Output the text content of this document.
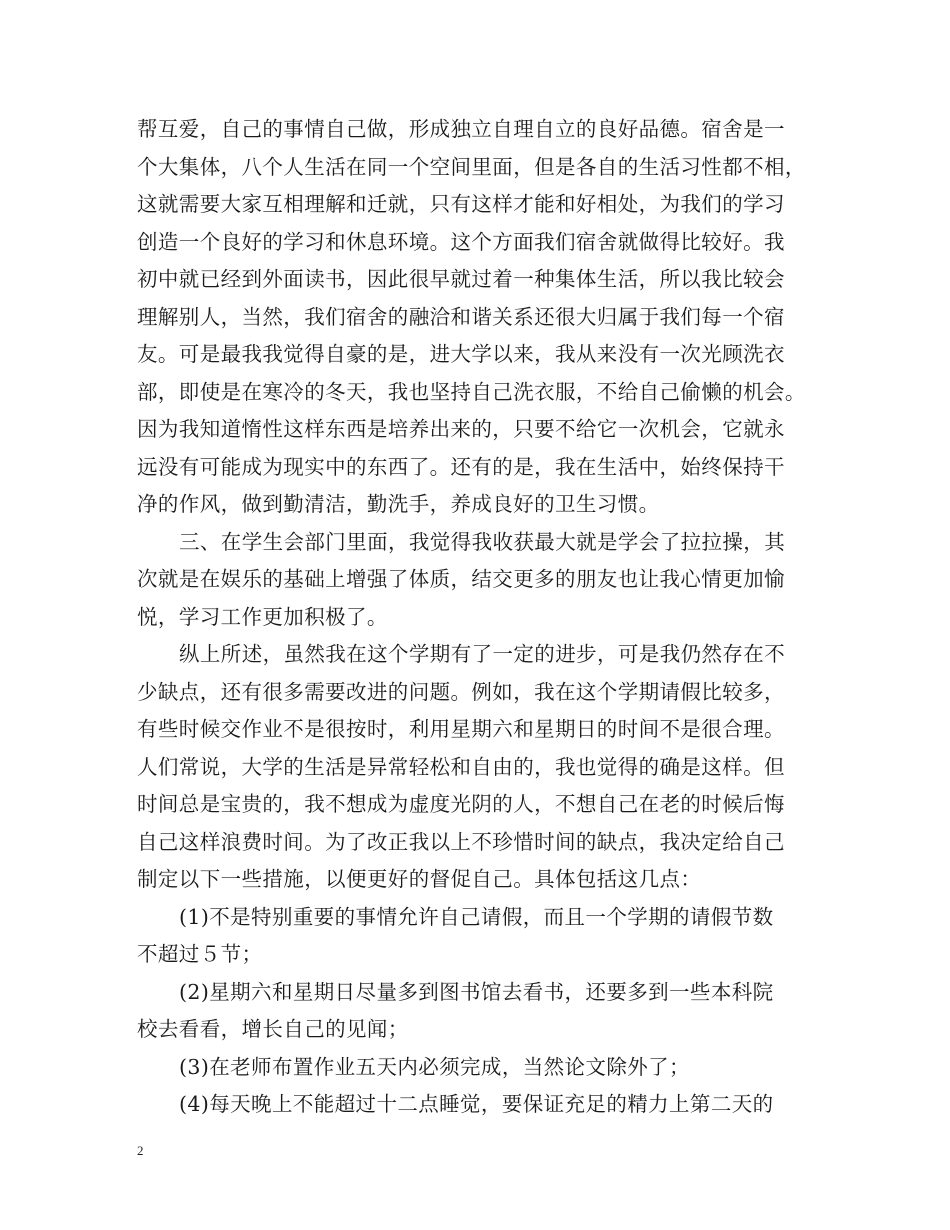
帮互爱，自己的事情自己做，形成独立自理自立的良好品德。宿舍是一
个大集体，八个人生活在同一个空间里面，但是各自的生活习性都不相，
这就需要大家互相理解和迁就，只有这样才能和好相处，为我们的学习
创造一个良好的学习和休息环境。这个方面我们宿舍就做得比较好。我
初中就已经到外面读书，因此很早就过着一种集体生活，所以我比较会
理解别人，当然，我们宿舍的融洽和谐关系还很大归属于我们每一个宿
友。可是最我我觉得自豪的是，进大学以来，我从来没有一次光顾洗衣
部，即使是在寒冷的冬天，我也坚持自己洗衣服，不给自己偷懒的机会。
因为我知道惰性这样东西是培养出来的，只要不给它一次机会，它就永
远没有可能成为现实中的东西了。还有的是，我在生活中，始终保持干
净的作风，做到勤清洁，勤洗手，养成良好的卫生习惯。
三、在学生会部门里面，我觉得我收获最大就是学会了拉拉操，其
次就是在娱乐的基础上增强了体质，结交更多的朋友也让我心情更加愉
悦，学习工作更加积极了。
纵上所述，虽然我在这个学期有了一定的进步，可是我仍然存在不
少缺点，还有很多需要改进的问题。例如，我在这个学期请假比较多，
有些时候交作业不是很按时，利用星期六和星期日的时间不是很合理。
人们常说，大学的生活是异常轻松和自由的，我也觉得的确是这样。但
时间总是宝贵的，我不想成为虚度光阴的人，不想自己在老的时候后悔
自己这样浪费时间。为了改正我以上不珍惜时间的缺点，我决定给自己
制定以下一些措施，以便更好的督促自己。具体包括这几点：
(1)不是特别重要的事情允许自己请假，而且一个学期的请假节数
不超过５节；
(2)星期六和星期日尽量多到图书馆去看书，还要多到一些本科院
校去看看，增长自己的见闻；
(3)在老师布置作业五天内必须完成，当然论文除外了；
(4)每天晚上不能超过十二点睡觉，要保证充足的精力上第二天的
2
